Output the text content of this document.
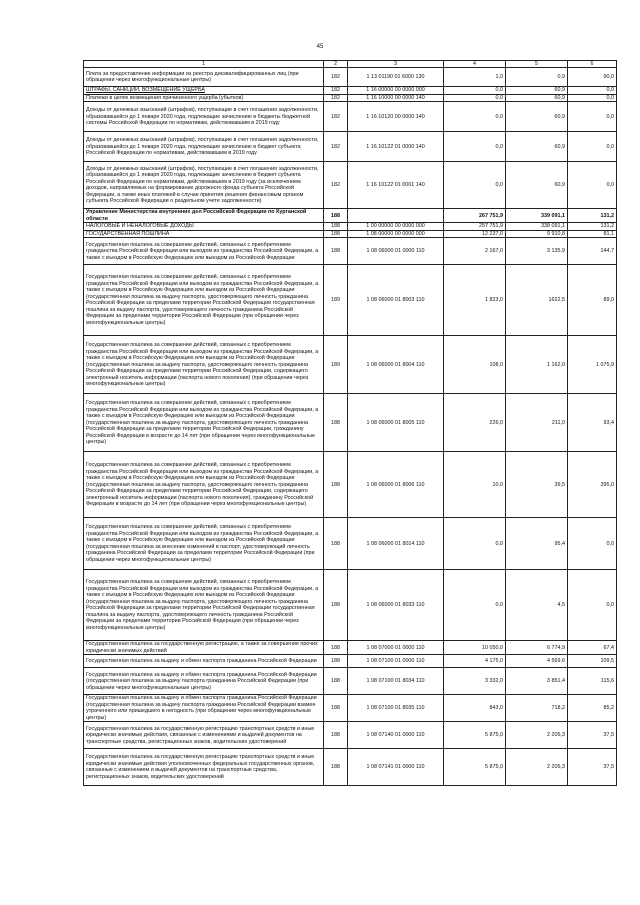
45
1	2	3	4	5	6
Плата за предоставление информации из реестра дисквалифицированных лиц (при обращении через многофункциональные центры)	182	1 13 01190 01 6000 130	1,0	0,9	90,0
ШТРАФЫ, САНКЦИИ, ВОЗМЕЩЕНИЕ УЩЕРБА	182	1 16 00000 00 0000 000	0,0	60,9	0,0
Платежи в целях возмещения причиненного ущерба (убытков)	182	1 16 10000 00 0000 140	0,0	60,9	0,0
Доходы от денежных взысканий (штрафов), поступающие в счет погашения задолженности, образовавшейся до 1 января 2020 года, подлежащие зачислению в бюджеты бюджетной системы Российской Федерации по нормативам, действовавшим в 2019 году	182	1 16 10120 00 0000 140	0,0	60,9	0,0
Доходы от денежных взысканий (штрафов), поступающие в счет погашения задолженности, образовавшейся до 1 января 2020 года, подлежащие зачислению в бюджет субъекта Российской Федерации по нормативам, действовавшим в 2019 году	182	1 16 10122 01 0000 140	0,0	60,9	0,0
Доходы от денежных взысканий (штрафов), поступающие в счет погашения задолженности, образовавшейся до 1 января 2020 года, подлежащие зачислению в бюджет субъекта Российской Федерации по нормативам, действовавшим в 2019 году (за исключением доходов, направляемых на формирование дорожного фонда субъекта Российской Федерации, а также иных платежей в случае принятия решения финансовым органом субъекта Российской Федерации о раздельном учете задолженности)	182	1 16 10122 01 0001 140	0,0	60,9	0,0
Управление Министерства внутренних дел Российской Федерации по Курганской области	188		267 751,9	339 091,1	131,2
НАЛОГОВЫЕ И НЕНАЛОГОВЫЕ ДОХОДЫ	188	1 00 00000 00 0000 000	257 751,9	338 091,1	131,2
ГОСУДАРСТВЕННАЯ ПОШЛИНА	188	1 08 00000 00 0000 000	12 237,0	9 910,8	81,1
Государственная пошлина за совершение действий, связанных с приобретением гражданства Российской Федерации или выходом из гражданства Российской Федерации, а также с въездом в Российскую Федерацию или выездом из Российской Федерации	188	1 08 06000 01 0000 110	2 167,0	3 135,9	144,7
Государственная пошлина за совершение действий, связанных с приобретением гражданства Российской Федерации или выходом из гражданства Российской Федерации, а также с въездом в Российскую Федерацию или выездом из Российской Федерации (государственная пошлина за выдачу паспорта, удостоверяющего личность гражданина Российской Федерации за пределами территории Российской Федерации государственная пошлина за выдачу паспорта, удостоверяющего личность гражданина Российской Федерации за пределами территории Российской Федерации (при обращении через многофункциональные центры)	189	1 08 06000 01 8003 110	1 823,0	1622,5	89,0
Государственная пошлина за совершение действий, связанных с приобретением гражданства Российской Федерации или выходом из гражданства Российской Федерации, а также с въездом в Российскую Федерацию или выездом из Российской Федерации (государственная пошлина за выдачу паспорта, удостоверяющего личность гражданина Российской Федерации за пределами территории Российской Федерации, содержащего электронный носитель информации (паспорта нового поколения) (при обращении через многофункциональные центры)	189	1 08 06000 01 8004 110	108,0	1 162,0	1 075,9
Государственная пошлина за совершение действий, связанных с приобретением гражданства Российской Федерации или выходом из гражданства Российской Федерации, а также с въездом в Российскую Федерацию или выездом из Российской Федерации (государственная пошлина за выдачу паспорта, удостоверяющего личность гражданина Российской Федерации за пределами территории Российской Федерации, гражданину Российской Федерации в возрасте до 14 лет (при обращении через многофункциональные центры)	188	1 08 06000 01 8005 110	226,0	211,0	93,4
Государственная пошлина за совершение действий, связанных с приобретением гражданства Российской Федерации или выходом из гражданства Российской Федерации, а также с въездом в Российскую Федерацию или выездом из Российской Федерации (государственная пошлина за выдачу паспорта, удостоверяющего личность гражданина Российской Федерации за пределами территории Российской Федерации, содержащего электронный носитель информации (паспорта нового поколения), гражданину Российской Федерации в возрасте до 14 лет (при обращении через многофункциональные центры)	188	1 08 06000 01 8006 110	10,0	39,5	395,0
Государственная пошлина за совершение действий, связанных с приобретением гражданства Российской Федерации или выходом из гражданства Российской Федерации, а также с въездом в Российскую Федерацию или выездом из Российской Федерации (государственная пошлина за внесение изменений в паспорт, удостоверяющий личность гражданина Российской Федерации за пределами территории Российской Федерации (при обращении через многофункциональные центры)	188	1 08 06000 01 8014 110	0,0	95,4	0,0
Государственная пошлина за совершение действий, связанных с приобретением гражданства Российской Федерации или выходом из гражданства Российской Федерации, а также с въездом в Российскую Федерацию или выездом из Российской Федерации (государственная пошлина за выдачу паспорта, удостоверяющего личность гражданина Российской Федерации за пределами территории Российской Федерации государственная пошлина за выдачу паспорта, удостоверяющего личность гражданина Российской Федерации за пределами территории Российской Федерации (при обращении через многофункциональные центры)	188	1 08 06000 01 8033 110	0,0	4,5	0,0
Государственная пошлина за государственную регистрацию, а также за совершение прочих юридически значимых действий	188	1 08 07000 01 0000 110	10 050,0	6 774,9	67,4
Государственная пошлина за выдачу и обмен паспорта гражданина Российской Федерации	188	1 08 07100 01 0000 110	4 175,0	4 569,6	109,5
Государственная пошлина за выдачу и обмен паспорта гражданина Российской Федерации (государственная пошлина за выдачу паспорта гражданина Российской Федерации (при обращении через многофункциональные центры)	188	1 08 07100 01 8034 110	3 332,0	3 851,4	115,6
Государственная пошлина за выдачу и обмен паспорта гражданина Российской Федерации (государственная пошлина за выдачу паспорта гражданина Российской Федерации взамен утраченного или пришедшего в негодность (при обращении через многофункциональные центры)	188	1 08 07100 01 8035 110	843,0	718,2	85,2
Государственная пошлина за государственную регистрацию транспортных средств и иные юридически значимые действия, связанные с изменениями и выдачей документов на транспортные средства, регистрационных знаков, водительских удостоверений	188	1 08 07140 01 0000 110	5 875,0	2 205,3	37,5
Государственная пошлина за государственную регистрацию транспортных средств и иные юридически значимые действия уполномоченных федеральных государственных органов, связанные с изменением и выдачей документов на транспортные средства, регистрационных знаков, водительских удостоверений	188	1 08 07141 01 0000 110	5 875,0	2 205,3	37,5
